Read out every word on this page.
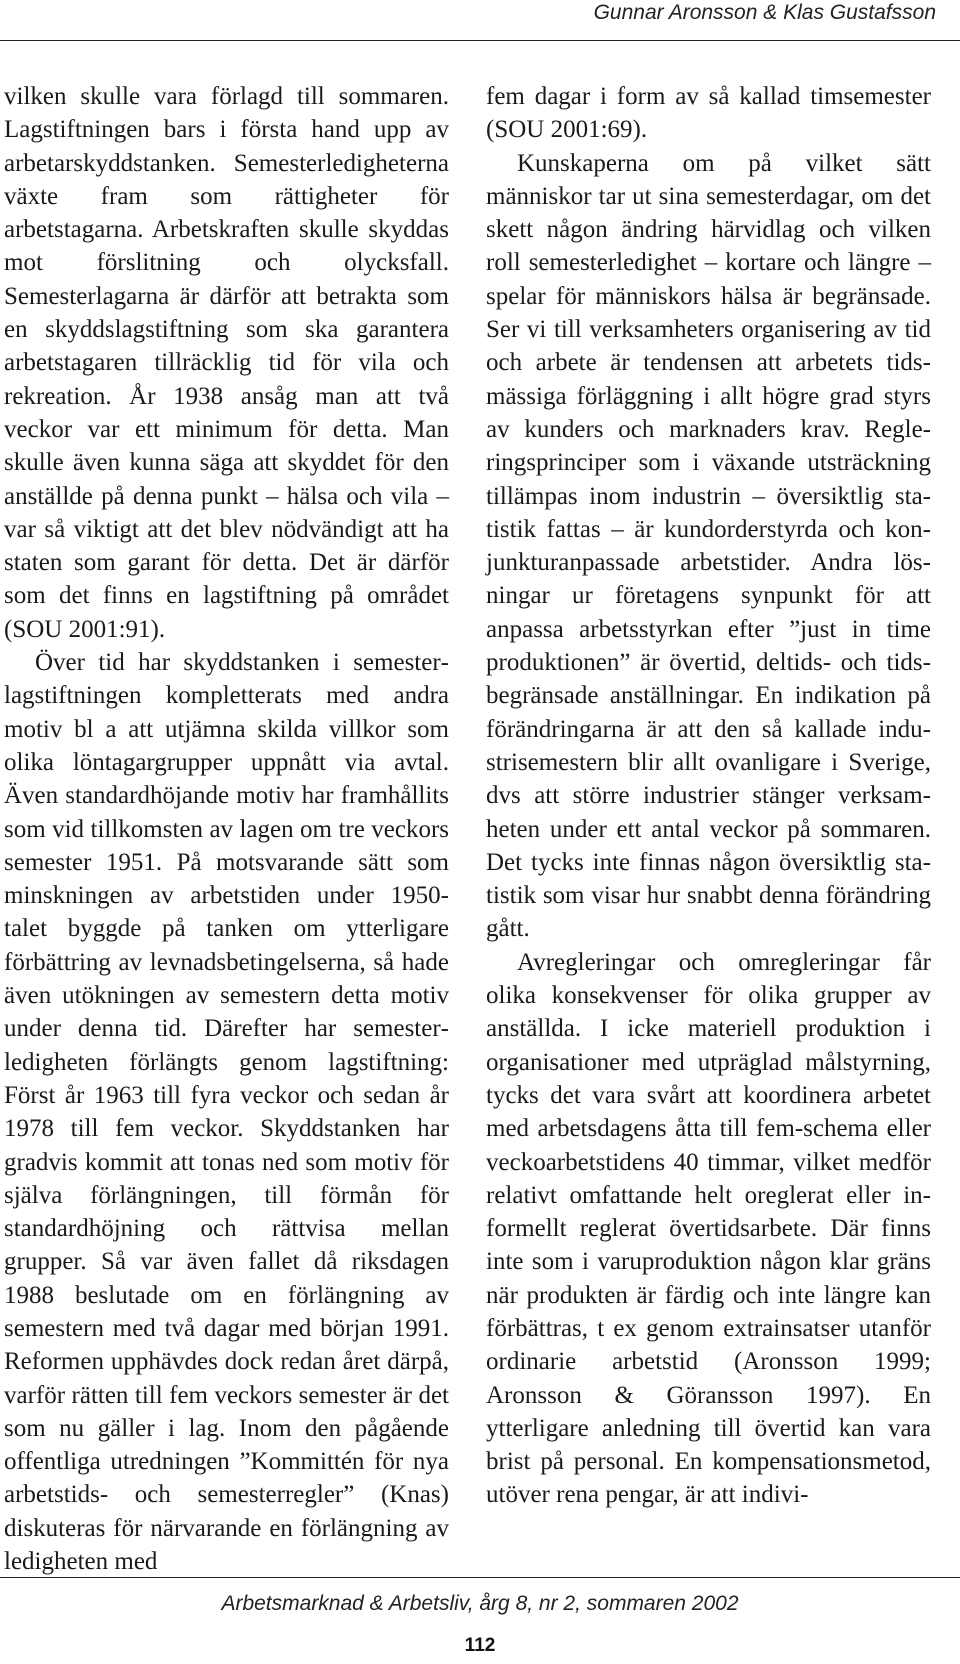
Gunnar Aronsson & Klas Gustafsson

vilken skulle vara förlagd till sommaren. Lagstiftningen bars i första hand upp av arbetarskyddstanken. Semesterledigheterna växte fram som rättigheter för arbetstagarna. Arbetskraften skulle skyddas mot förslitning och olycksfall. Semesterlagarna är därför att betrakta som en skyddslagstiftning som ska garantera arbetstagaren tillräcklig tid för vila och rekreation. År 1938 ansåg man att två veckor var ett minimum för detta. Man skulle även kunna säga att skyddet för den anställde på denna punkt – hälsa och vila – var så viktigt att det blev nödvändigt att ha staten som garant för detta. Det är därför som det finns en lagstiftning på området (SOU 2001:91).

Över tid har skyddstanken i semesterlagstiftningen kompletterats med andra motiv bl a att utjämna skilda villkor som olika löntagargrupper uppnått via avtal. Även standardhöjande motiv har framhållits som vid tillkomsten av lagen om tre veckors semester 1951. På motsvarande sätt som minskningen av arbetstiden under 1950-talet byggde på tanken om ytterligare förbättring av levnadsbetingelserna, så hade även utökningen av semestern detta motiv under denna tid. Därefter har semesterledigheten förlängts genom lagstiftning: Först år 1963 till fyra veckor och sedan år 1978 till fem veckor. Skyddstanken har gradvis kommit att tonas ned som motiv för själva förlängningen, till förmån för standardhöjning och rättvisa mellan grupper. Så var även fallet då riksdagen 1988 beslutade om en förlängning av semestern med två dagar med början 1991. Reformen upphävdes dock redan året därpå, varför rätten till fem veckors semester är det som nu gäller i lag. Inom den pågående offentliga utredningen ”Kommittén för nya arbetstids- och semesterregler” (Knas) diskuteras för närvarande en förlängning av ledigheten med

fem dagar i form av så kallad timsemester (SOU 2001:69).

Kunskaperna om på vilket sätt människor tar ut sina semesterdagar, om det skett någon ändring härvidlag och vilken roll semesterledighet – kortare och längre – spelar för människors hälsa är begränsade. Ser vi till verksamheters organisering av tid och arbete är tendensen att arbetets tidsmässiga förläggning i allt högre grad styrs av kunders och marknaders krav. Regleringsprinciper som i växande utsträckning tillämpas inom industrin – översiktlig statistik fattas – är kundorderstyrda och konjunkturanpassade arbetstider. Andra lösningar ur företagens synpunkt för att anpassa arbetsstyrkan efter ”just in time produktionen” är övertid, deltids- och tidsbegränsade anställningar. En indikation på förändringarna är att den så kallade industrisemestern blir allt ovanligare i Sverige, dvs att större industrier stänger verksamheten under ett antal veckor på sommaren. Det tycks inte finnas någon översiktlig statistik som visar hur snabbt denna förändring gått.

Avregleringar och omregleringar får olika konsekvenser för olika grupper av anställda. I icke materiell produktion i organisationer med utpräglad målstyrning, tycks det vara svårt att koordinera arbetet med arbetsdagens åtta till fem-schema eller veckoarbetstidens 40 timmar, vilket medför relativt omfattande helt oreglerat eller informellt reglerat övertidsarbete. Där finns inte som i varuproduktion någon klar gräns när produkten är färdig och inte längre kan förbättras, t ex genom extrainsatser utanför ordinarie arbetstid (Aronsson 1999; Aronsson & Göransson 1997). En ytterligare anledning till övertid kan vara brist på personal. En kompensationsmetod, utöver rena pengar, är att indivi-

Arbetsmarknad & Arbetsliv, årg 8, nr 2, sommaren 2002
112
